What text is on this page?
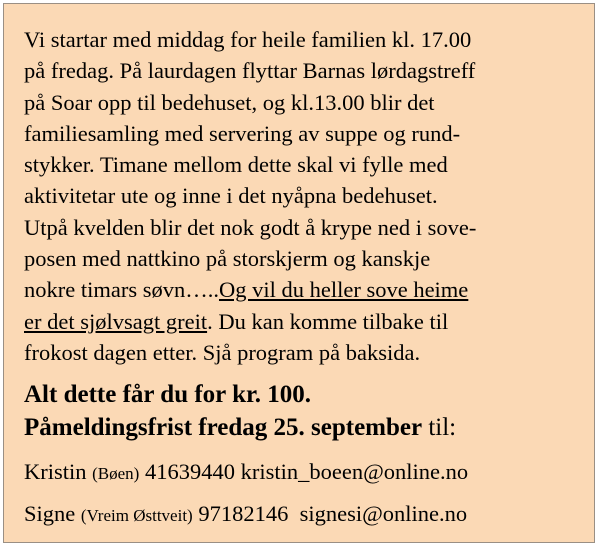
Vi startar med middag for heile familien kl. 17.00
på fredag. På laurdagen flyttar Barnas lørdagstreff
på Soar opp til bedehuset, og kl.13.00 blir det
familiesamling med servering av suppe og rund-
stykker. Timane mellom dette skal vi fylle med
aktivitetar ute og inne i det nyåpna bedehuset.
Utpå kvelden blir det nok godt å krype ned i sove-
posen med nattkino på storskjerm og kanskje
nokre timars søvn…..Og vil du heller sove heime
er det sjølvsagt greit. Du kan komme tilbake til
frokost dagen etter. Sjå program på baksida.
Alt dette får du for kr. 100.
Påmeldingsfrist fredag 25. september til:
Kristin (Bøen) 41639440 kristin_boeen@online.no
Signe (Vreim Østtveit) 97182146 signesi@online.no
